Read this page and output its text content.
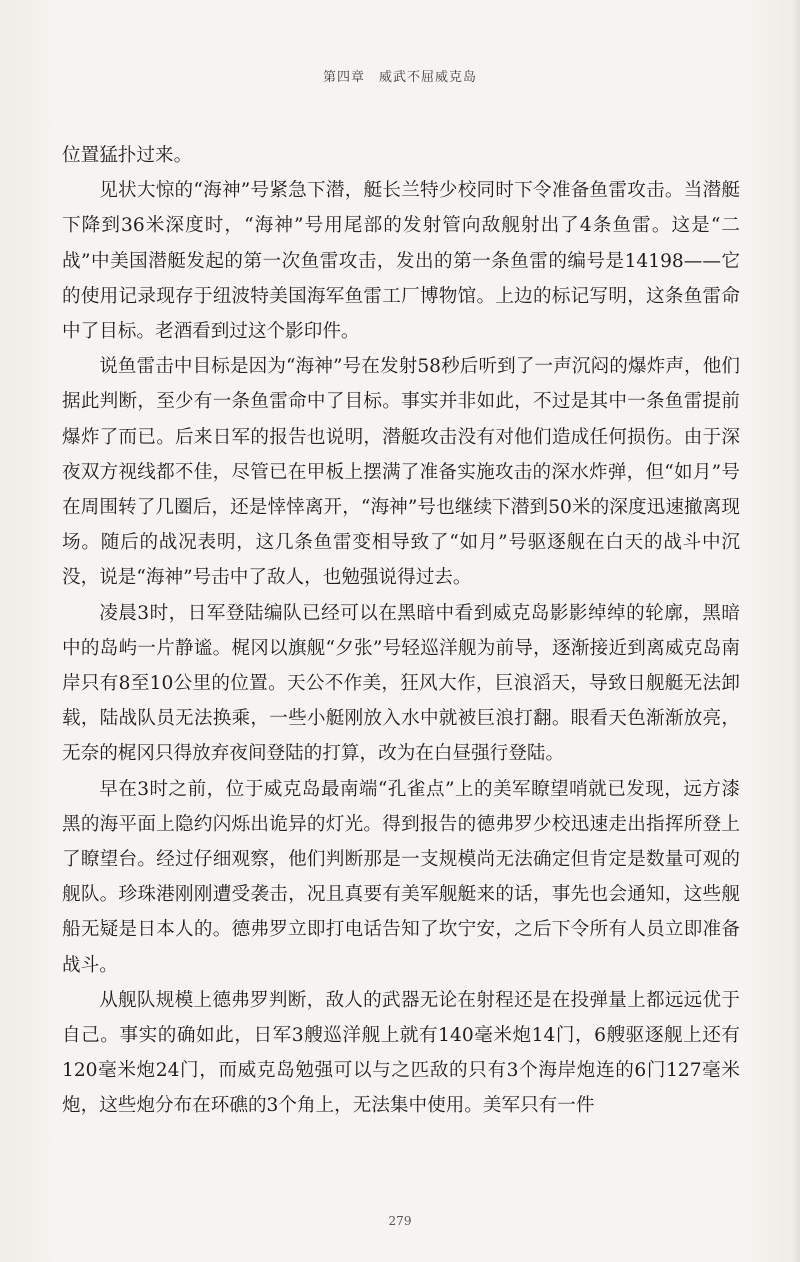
第四章 威武不屈威克岛

位置猛扑过来。

见状大惊的“海神”号紧急下潜，艇长兰特少校同时下令准备鱼雷攻击。当潜艇下降到36米深度时，“海神”号用尾部的发射管向敌舰射出了4条鱼雷。这是“二战”中美国潜艇发起的第一次鱼雷攻击，发出的第一条鱼雷的编号是14198——它的使用记录现存于纽波特美国海军鱼雷工厂博物馆。上边的标记写明，这条鱼雷命中了目标。老酒看到过这个影印件。

说鱼雷击中目标是因为“海神”号在发射58秒后听到了一声沉闷的爆炸声，他们据此判断，至少有一条鱼雷命中了目标。事实并非如此，不过是其中一条鱼雷提前爆炸了而已。后来日军的报告也说明，潜艇攻击没有对他们造成任何损伤。由于深夜双方视线都不佳，尽管已在甲板上摆满了准备实施攻击的深水炸弹，但“如月”号在周围转了几圈后，还是悻悻离开，“海神”号也继续下潜到50米的深度迅速撤离现场。随后的战况表明，这几条鱼雷变相导致了“如月”号驱逐舰在白天的战斗中沉没，说是“海神”号击中了敌人，也勉强说得过去。

凌晨3时，日军登陆编队已经可以在黑暗中看到威克岛影影绰绰的轮廓，黑暗中的岛屿一片静谧。梶冈以旗舰“夕张”号轻巡洋舰为前导，逐渐接近到离威克岛南岸只有8至10公里的位置。天公不作美，狂风大作，巨浪滔天，导致日舰艇无法卸载，陆战队员无法换乘，一些小艇刚放入水中就被巨浪打翻。眼看天色渐渐放亮，无奈的梶冈只得放弃夜间登陆的打算，改为在白昼强行登陆。

早在3时之前，位于威克岛最南端“孔雀点”上的美军瞭望哨就已发现，远方漆黑的海平面上隐约闪烁出诡异的灯光。得到报告的德弗罗少校迅速走出指挥所登上了瞭望台。经过仔细观察，他们判断那是一支规模尚无法确定但肯定是数量可观的舰队。珍珠港刚刚遭受袭击，况且真要有美军舰艇来的话，事先也会通知，这些舰船无疑是日本人的。德弗罗立即打电话告知了坎宁安，之后下令所有人员立即准备战斗。

从舰队规模上德弗罗判断，敌人的武器无论在射程还是在投弹量上都远远优于自己。事实的确如此，日军3艘巡洋舰上就有140毫米炮14门，6艘驱逐舰上还有120毫米炮24门，而威克岛勉强可以与之匹敌的只有3个海岸炮连的6门127毫米炮，这些炮分布在环礁的3个角上，无法集中使用。美军只有一件

279
